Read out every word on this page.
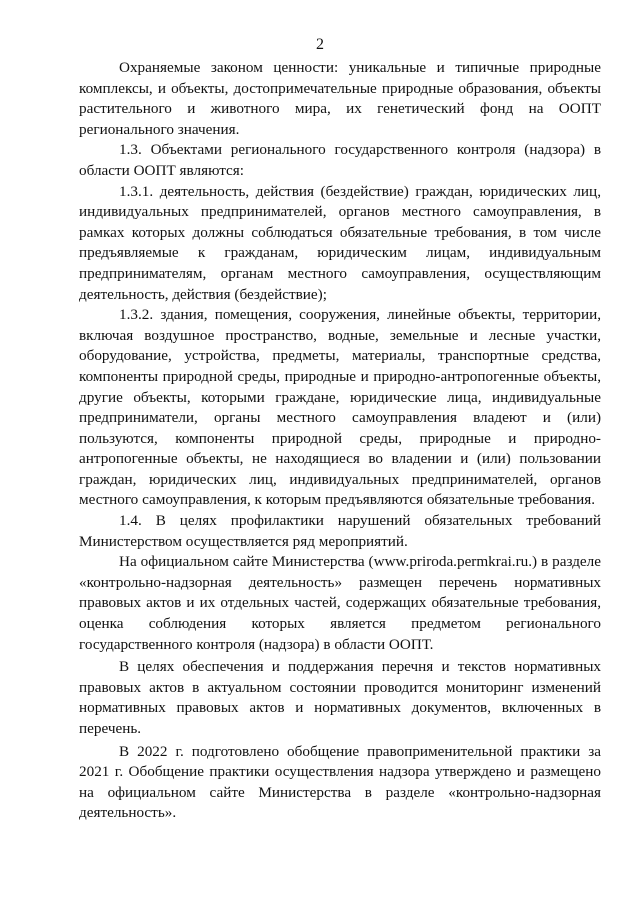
2

Охраняемые законом ценности: уникальные и типичные природные комплексы, и объекты, достопримечательные природные образования, объекты растительного и животного мира, их генетический фонд на ООПТ регионального значения.

1.3. Объектами регионального государственного контроля (надзора) в области ООПТ являются:

1.3.1. деятельность, действия (бездействие) граждан, юридических лиц, индивидуальных предпринимателей, органов местного самоуправления, в рамках которых должны соблюдаться обязательные требования, в том числе предъявляемые к гражданам, юридическим лицам, индивидуальным предпринимателям, органам местного самоуправления, осуществляющим деятельность, действия (бездействие);

1.3.2. здания, помещения, сооружения, линейные объекты, территории, включая воздушное пространство, водные, земельные и лесные участки, оборудование, устройства, предметы, материалы, транспортные средства, компоненты природной среды, природные и природно-антропогенные объекты, другие объекты, которыми граждане, юридические лица, индивидуальные предприниматели, органы местного самоуправления владеют и (или) пользуются, компоненты природной среды, природные и природно-антропогенные объекты, не находящиеся во владении и (или) пользовании граждан, юридических лиц, индивидуальных предпринимателей, органов местного самоуправления, к которым предъявляются обязательные требования.

1.4. В целях профилактики нарушений обязательных требований Министерством осуществляется ряд мероприятий.

На официальном сайте Министерства (www.priroda.permkrai.ru.) в разделе «контрольно-надзорная деятельность» размещен перечень нормативных правовых актов и их отдельных частей, содержащих обязательные требования, оценка соблюдения которых является предметом регионального государственного контроля (надзора) в области ООПТ.

В целях обеспечения и поддержания перечня и текстов нормативных правовых актов в актуальном состоянии проводится мониторинг изменений нормативных правовых актов и нормативных документов, включенных в перечень.

В 2022 г. подготовлено обобщение правоприменительной практики за 2021 г. Обобщение практики осуществления надзора утверждено и размещено на официальном сайте Министерства в разделе «контрольно-надзорная деятельность».
